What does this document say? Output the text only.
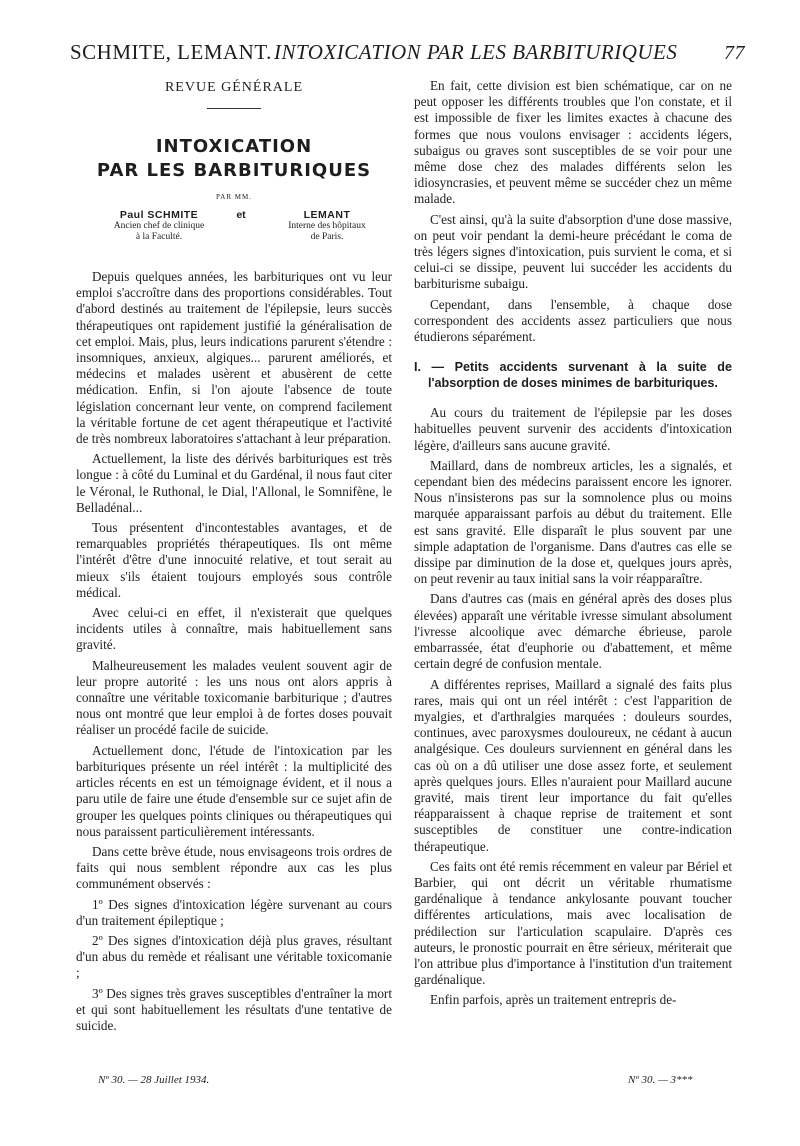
SCHMITE, LEMANT. INTOXICATION PAR LES BARBITURIQUES 77
REVUE GÉNÉRALE
INTOXICATION
PAR LES BARBITURIQUES
PAR MM.
Paul SCHMITE
Ancien chef de clinique
à la Faculté.
et	LEMANT
Interne des hôpitaux
de Paris.

Depuis quelques années, les barbituriques ont vu leur emploi s'accroître dans des proportions considérables. Tout d'abord destinés au traitement de l'épilepsie, leurs succès thérapeutiques ont rapidement justifié la généralisation de cet emploi. Mais, plus, leurs indications parurent s'étendre : insomniques, anxieux, algiques... parurent améliorés, et médecins et malades usèrent et abusèrent de cette médication. Enfin, si l'on ajoute l'absence de toute législation concernant leur vente, on comprend facilement la véritable fortune de cet agent thérapeutique et l'activité de très nombreux laboratoires s'attachant à leur préparation.

Actuellement, la liste des dérivés barbituriques est très longue : à côté du Luminal et du Gardénal, il nous faut citer le Véronal, le Ruthonal, le Dial, l'Allonal, le Somnifène, le Belladénal...

Tous présentent d'incontestables avantages, et de remarquables propriétés thérapeutiques. Ils ont même l'intérêt d'être d'une innocuité relative, et tout serait au mieux s'ils étaient toujours employés sous contrôle médical.

Avec celui-ci en effet, il n'existerait que quelques incidents utiles à connaître, mais habituellement sans gravité.

Malheureusement les malades veulent souvent agir de leur propre autorité : les uns nous ont alors appris à connaître une véritable toxicomanie barbiturique ; d'autres nous ont montré que leur emploi à de fortes doses pouvait réaliser un procédé facile de suicide.

Actuellement donc, l'étude de l'intoxication par les barbituriques présente un réel intérêt : la multiplicité des articles récents en est un témoignage évident, et il nous a paru utile de faire une étude d'ensemble sur ce sujet afin de grouper les quelques points cliniques ou thérapeutiques qui nous paraissent particulièrement intéressants.

Dans cette brève étude, nous envisageons trois ordres de faits qui nous semblent répondre aux cas les plus communément observés :

1º Des signes d'intoxication légère survenant au cours d'un traitement épileptique ;

2º Des signes d'intoxication déjà plus graves, résultant d'un abus du remède et réalisant une véritable toxicomanie ;

3º Des signes très graves susceptibles d'entraîner la mort et qui sont habituellement les résultats d'une tentative de suicide.

En fait, cette division est bien schématique, car on ne peut opposer les différents troubles que l'on constate, et il est impossible de fixer les limites exactes à chacune des formes que nous voulons envisager : accidents légers, subaigus ou graves sont susceptibles de se voir pour une même dose chez des malades différents selon les idiosyncrasies, et peuvent même se succéder chez un même malade.

C'est ainsi, qu'à la suite d'absorption d'une dose massive, on peut voir pendant la demi-heure précédant le coma de très légers signes d'intoxication, puis survient le coma, et si celui-ci se dissipe, peuvent lui succéder les accidents du barbiturisme subaigu.

Cependant, dans l'ensemble, à chaque dose correspondent des accidents assez particuliers que nous étudierons séparément.

I. — Petits accidents survenant à la suite de l'absorption de doses minimes de barbituriques.

Au cours du traitement de l'épilepsie par les doses habituelles peuvent survenir des accidents d'intoxication légère, d'ailleurs sans aucune gravité.

Maillard, dans de nombreux articles, les a signalés, et cependant bien des médecins paraissent encore les ignorer. Nous n'insisterons pas sur la somnolence plus ou moins marquée apparaissant parfois au début du traitement. Elle est sans gravité. Elle disparaît le plus souvent par une simple adaptation de l'organisme. Dans d'autres cas elle se dissipe par diminution de la dose et, quelques jours après, on peut revenir au taux initial sans la voir réapparaître.

Dans d'autres cas (mais en général après des doses plus élevées) apparaît une véritable ivresse simulant absolument l'ivresse alcoolique avec démarche ébrieuse, parole embarrassée, état d'euphorie ou d'abattement, et même certain degré de confusion mentale.

A différentes reprises, Maillard a signalé des faits plus rares, mais qui ont un réel intérêt : c'est l'apparition de myalgies, et d'arthralgies marquées : douleurs sourdes, continues, avec paroxysmes douloureux, ne cédant à aucun analgésique. Ces douleurs surviennent en général dans les cas où on a dû utiliser une dose assez forte, et seulement après quelques jours. Elles n'auraient pour Maillard aucune gravité, mais tirent leur importance du fait qu'elles réapparaissent à chaque reprise de traitement et sont susceptibles de constituer une contre-indication thérapeutique.

Ces faits ont été remis récemment en valeur par Bériel et Barbier, qui ont décrit un véritable rhumatisme gardénalique à tendance ankylosante pouvant toucher différentes articulations, mais avec localisation de prédilection sur l'articulation scapulaire. D'après ces auteurs, le pronostic pourrait en être sérieux, mériterait que l'on attribue plus d'importance à l'institution d'un traitement gardénalique.

Enfin parfois, après un traitement entrepris de-

Nº 30. — 28 Juillet 1934.	Nº 30. — 3***
